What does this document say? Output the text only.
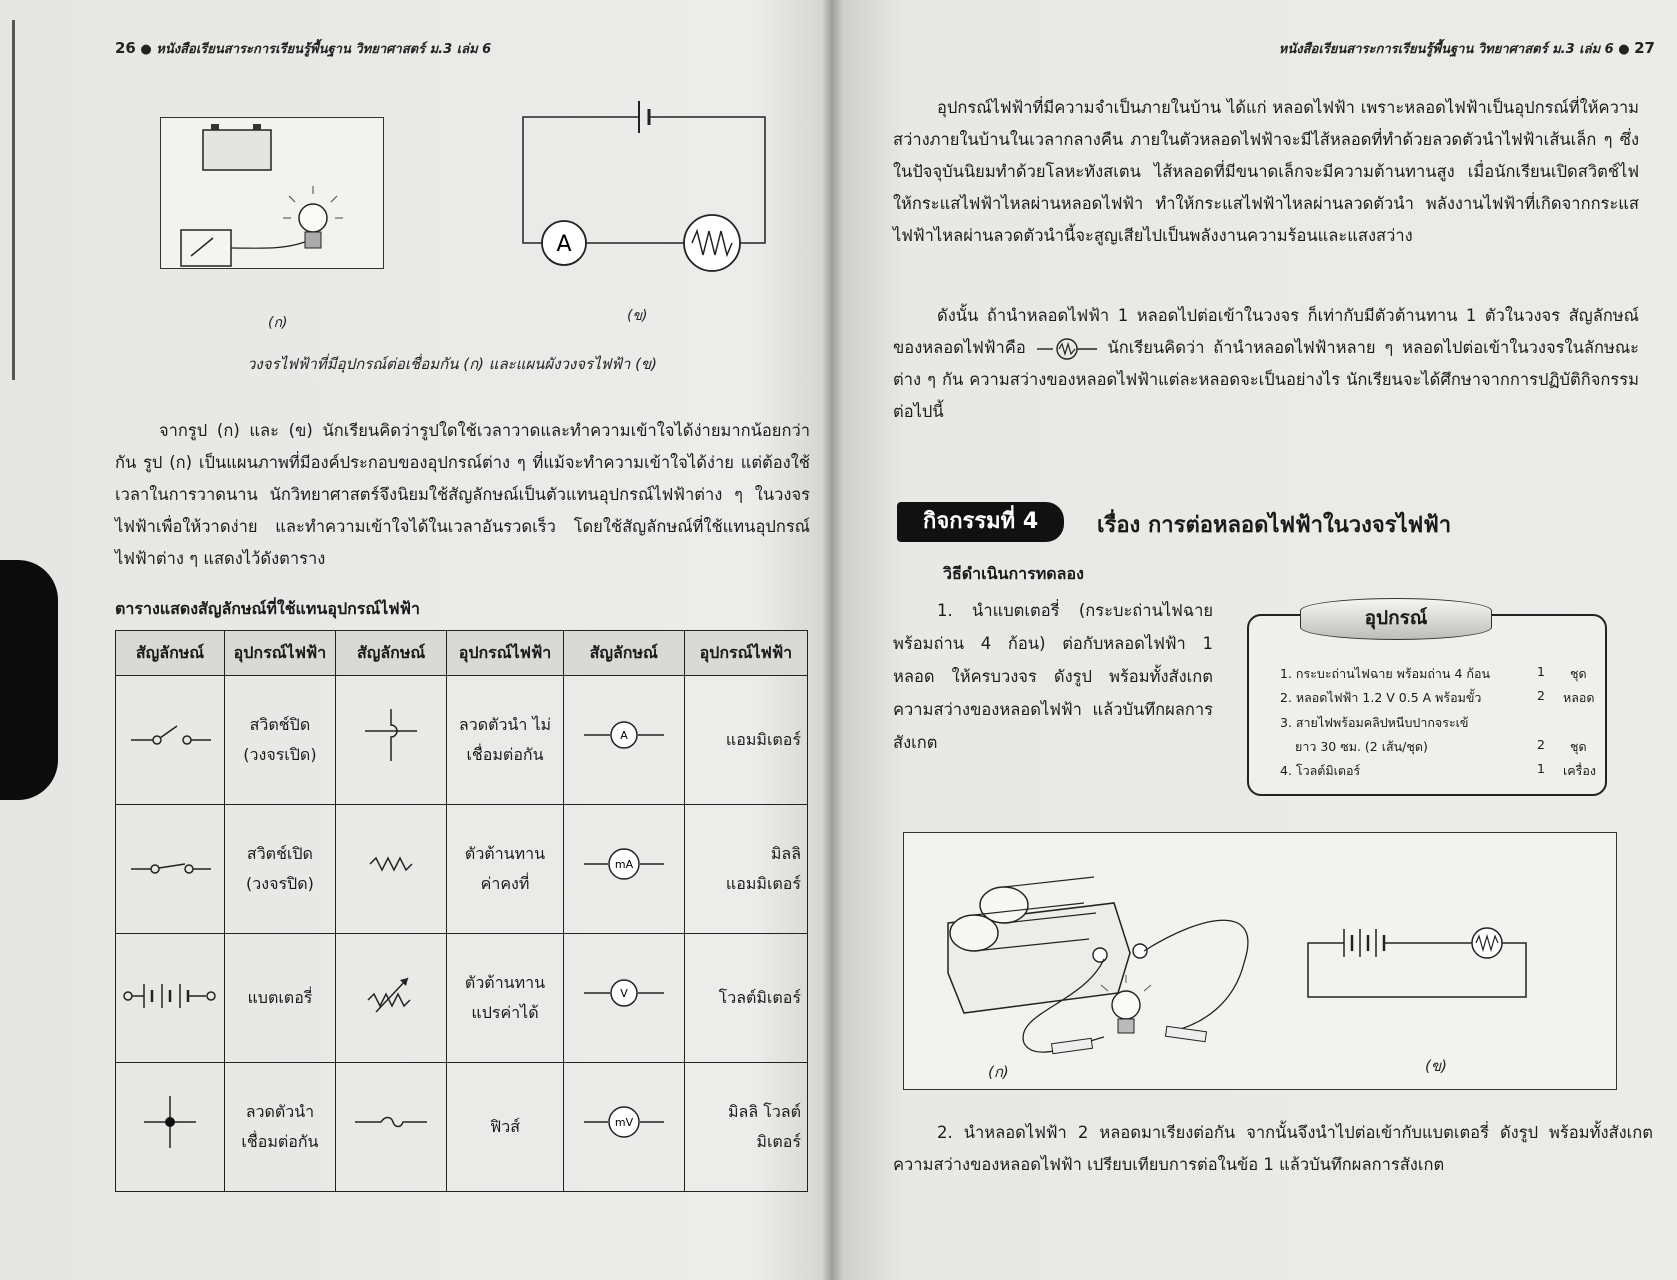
26 ● หนังสือเรียนสาระการเรียนรู้พื้นฐาน วิทยาศาสตร์ ม.3 เล่ม 6
A
(ก)	(ข)
วงจรไฟฟ้าที่มีอุปกรณ์ต่อเชื่อมกัน (ก) และแผนผังวงจรไฟฟ้า (ข)

จากรูป (ก) และ (ข) นักเรียนคิดว่ารูปใดใช้เวลาวาดและทำความเข้าใจได้ง่ายมากน้อยกว่ากัน รูป (ก) เป็นแผนภาพที่มีองค์ประกอบของอุปกรณ์ต่าง ๆ ที่แม้จะทำความเข้าใจได้ง่าย แต่ต้องใช้เวลาในการวาดนาน นักวิทยาศาสตร์จึงนิยมใช้สัญลักษณ์เป็นตัวแทนอุปกรณ์ไฟฟ้าต่าง ๆ ในวงจรไฟฟ้าเพื่อให้วาดง่าย และทำความเข้าใจได้ในเวลาอันรวดเร็ว โดยใช้สัญลักษณ์ที่ใช้แทนอุปกรณ์ไฟฟ้าต่าง ๆ แสดงไว้ดังตาราง

ตารางแสดงสัญลักษณ์ที่ใช้แทนอุปกรณ์ไฟฟ้า
สัญลักษณ์	อุปกรณ์ไฟฟ้า	สัญลักษณ์	อุปกรณ์ไฟฟ้า	สัญลักษณ์	อุปกรณ์ไฟฟ้า
	สวิตช์ปิด (วงจรเปิด)		ลวดตัวนำ ไม่เชื่อมต่อกัน	A	แอมมิเตอร์
	สวิตช์เปิด (วงจรปิด)		ตัวต้านทาน ค่าคงที่	mA	มิลลิ แอมมิเตอร์
	แบตเตอรี่		ตัวต้านทาน แปรค่าได้	V	โวลต์มิเตอร์
	ลวดตัวนำ เชื่อมต่อกัน		ฟิวส์	mV	มิลลิ โวลต์มิเตอร์
หนังสือเรียนสาระการเรียนรู้พื้นฐาน วิทยาศาสตร์ ม.3 เล่ม 6 ● 27

อุปกรณ์ไฟฟ้าที่มีความจำเป็นภายในบ้าน ได้แก่ หลอดไฟฟ้า เพราะหลอดไฟฟ้าเป็นอุปกรณ์ที่ให้ความสว่างภายในบ้านในเวลากลางคืน ภายในตัวหลอดไฟฟ้าจะมีไส้หลอดที่ทำด้วยลวดตัวนำไฟฟ้าเส้นเล็ก ๆ ซึ่งในปัจจุบันนิยมทำด้วยโลหะทังสเตน ไส้หลอดที่มีขนาดเล็กจะมีความต้านทานสูง เมื่อนักเรียนเปิดสวิตช์ไฟให้กระแสไฟฟ้าไหลผ่านหลอดไฟฟ้า ทำให้กระแสไฟฟ้าไหลผ่านลวดตัวนำ พลังงานไฟฟ้าที่เกิดจากกระแสไฟฟ้าไหลผ่านลวดตัวนำนี้จะสูญเสียไปเป็นพลังงานความร้อนและแสงสว่าง

ดังนั้น ถ้านำหลอดไฟฟ้า 1 หลอดไปต่อเข้าในวงจร ก็เท่ากับมีตัวต้านทาน 1 ตัวในวงจร สัญลักษณ์ของหลอดไฟฟ้าคือ	นักเรียนคิดว่า ถ้านำหลอดไฟฟ้าหลาย ๆ หลอดไปต่อเข้าในวงจรในลักษณะต่าง ๆ กัน ความสว่างของหลอดไฟฟ้าแต่ละหลอดจะเป็นอย่างไร นักเรียนจะได้ศึกษาจากการปฏิบัติกิจกรรมต่อไปนี้

กิจกรรมที่ 4	เรื่อง การต่อหลอดไฟฟ้าในวงจรไฟฟ้า
วิธีดำเนินการทดลอง

1. นำแบตเตอรี่ (กระบะถ่านไฟฉายพร้อมถ่าน 4 ก้อน) ต่อกับหลอดไฟฟ้า 1 หลอด ให้ครบวงจร ดังรูป พร้อมทั้งสังเกตความสว่างของหลอดไฟฟ้า แล้วบันทึกผลการสังเกต

อุปกรณ์
1. กระบะถ่านไฟฉาย พร้อมถ่าน 4 ก้อน	1 ชุด
2. หลอดไฟฟ้า 1.2 V 0.5 A พร้อมขั้ว	2 หลอด
3. สายไฟพร้อมคลิปหนีบปากจระเข้
ยาว 30 ซม. (2 เส้น/ชุด)	2 ชุด
4. โวลต์มิเตอร์	1 เครื่อง
(ก)	(ข)

2. นำหลอดไฟฟ้า 2 หลอดมาเรียงต่อกัน จากนั้นจึงนำไปต่อเข้ากับแบตเตอรี่ ดังรูป พร้อมทั้งสังเกตความสว่างของหลอดไฟฟ้า เปรียบเทียบการต่อในข้อ 1 แล้วบันทึกผลการสังเกต
